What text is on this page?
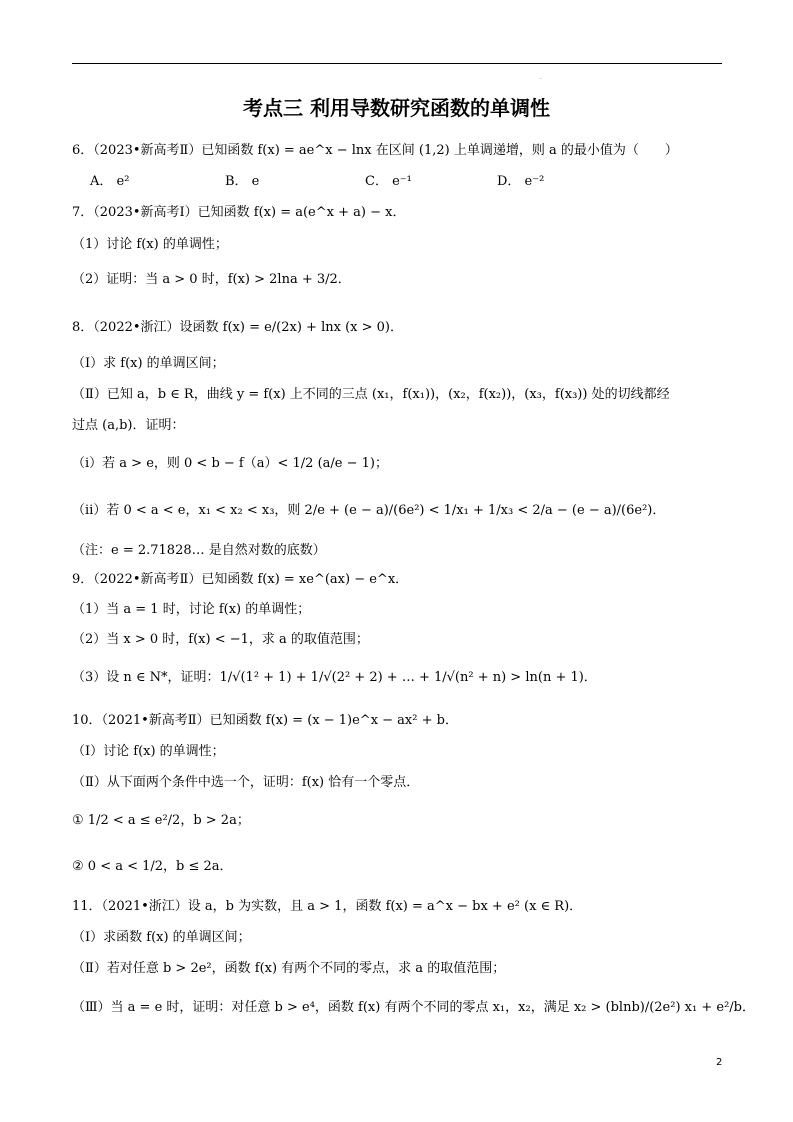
.
考点三 利用导数研究函数的单调性
6．（2023•新高考Ⅱ）已知函数 f(x) = ae^x − lnx 在区间 (1,2) 上单调递增，则 a 的最小值为（　　）
A． e²	B． e	C． e⁻¹	D． e⁻²
7．（2023•新高考Ⅰ）已知函数 f(x) = a(e^x + a) − x．
（1）讨论 f(x) 的单调性；
（2）证明：当 a > 0 时，f(x) > 2lna + 3/2．
8．（2022•浙江）设函数 f(x) = e/(2x) + lnx (x > 0)．
（Ⅰ）求 f(x) 的单调区间；
（Ⅱ）已知 a，b ∈ R，曲线 y = f(x) 上不同的三点 (x₁，f(x₁))，(x₂，f(x₂))，(x₃，f(x₃)) 处的切线都经
过点 (a,b)．证明：
（ⅰ）若 a > e，则 0 < b − f（a）< 1/2 (a/e − 1)；
（ⅱ）若 0 < a < e，x₁ < x₂ < x₃，则 2/e + (e − a)/(6e²) < 1/x₁ + 1/x₃ < 2/a − (e − a)/(6e²)．
（注：e = 2.71828… 是自然对数的底数）
9．（2022•新高考Ⅱ）已知函数 f(x) = xe^(ax) − e^x．
（1）当 a = 1 时，讨论 f(x) 的单调性；
（2）当 x > 0 时，f(x) < −1，求 a 的取值范围；
（3）设 n ∈ N*，证明：1/√(1² + 1) + 1/√(2² + 2) + … + 1/√(n² + n) > ln(n + 1)．
10．（2021•新高考Ⅱ）已知函数 f(x) = (x − 1)e^x − ax² + b．
（Ⅰ）讨论 f(x) 的单调性；
（Ⅱ）从下面两个条件中选一个，证明：f(x) 恰有一个零点．
① 1/2 < a ≤ e²/2，b > 2a；
② 0 < a < 1/2，b ≤ 2a．
11．（2021•浙江）设 a，b 为实数，且 a > 1，函数 f(x) = a^x − bx + e² (x ∈ R)．
（Ⅰ）求函数 f(x) 的单调区间；
（Ⅱ）若对任意 b > 2e²，函数 f(x) 有两个不同的零点，求 a 的取值范围；
（Ⅲ）当 a = e 时，证明：对任意 b > e⁴，函数 f(x) 有两个不同的零点 x₁，x₂，满足 x₂ > (blnb)/(2e²) x₁ + e²/b．
2
